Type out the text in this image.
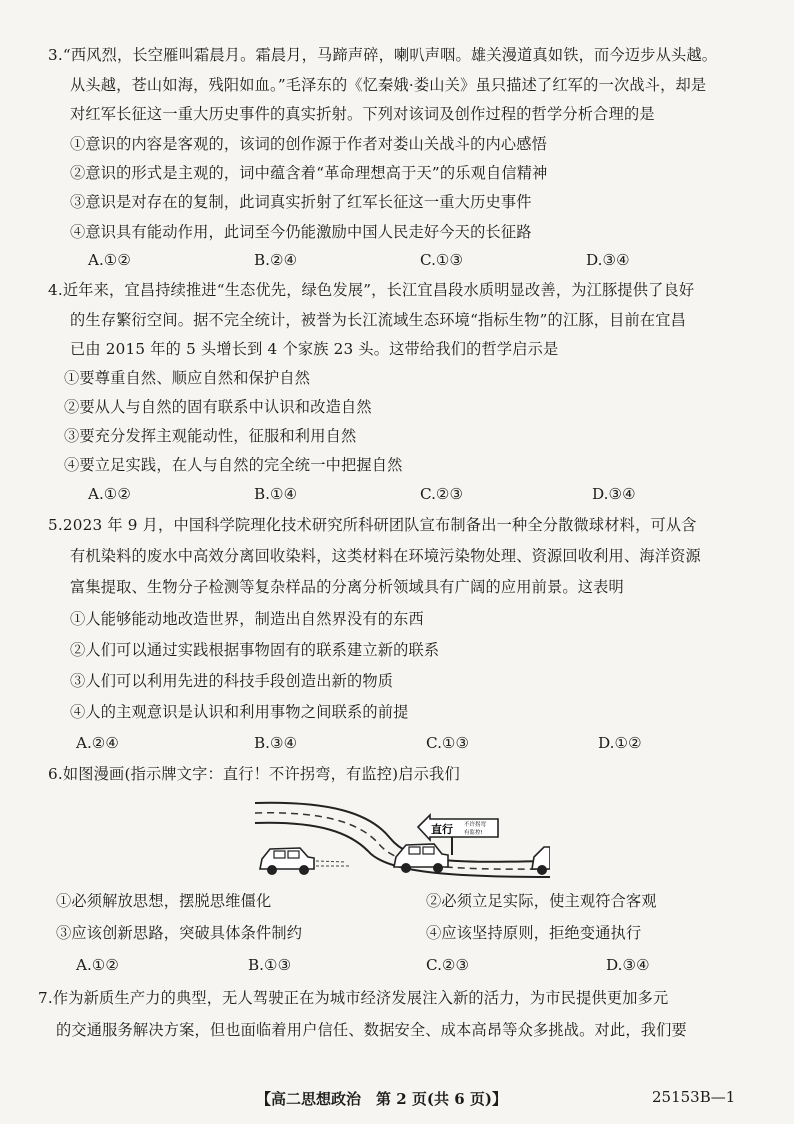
3.“西风烈，长空雁叫霜晨月。霜晨月，马蹄声碎，喇叭声咽。雄关漫道真如铁，而今迈步从头越。
从头越，苍山如海，残阳如血。”毛泽东的《忆秦娥·娄山关》虽只描述了红军的一次战斗，却是
对红军长征这一重大历史事件的真实折射。下列对该词及创作过程的哲学分析合理的是
①意识的内容是客观的，该词的创作源于作者对娄山关战斗的内心感悟
②意识的形式是主观的，词中蕴含着“革命理想高于天”的乐观自信精神
③意识是对存在的复制，此词真实折射了红军长征这一重大历史事件
④意识具有能动作用，此词至今仍能激励中国人民走好今天的长征路
A.①②	B.②④	C.①③	D.③④
4.近年来，宜昌持续推进“生态优先，绿色发展”，长江宜昌段水质明显改善，为江豚提供了良好
的生存繁衍空间。据不完全统计，被誉为长江流域生态环境“指标生物”的江豚，目前在宜昌
已由 2015 年的 5 头增长到 4 个家族 23 头。这带给我们的哲学启示是
①要尊重自然、顺应自然和保护自然
②要从人与自然的固有联系中认识和改造自然
③要充分发挥主观能动性，征服和利用自然
④要立足实践，在人与自然的完全统一中把握自然
A.①②	B.①④	C.②③	D.③④
5.2023 年 9 月，中国科学院理化技术研究所科研团队宣布制备出一种全分散微球材料，可从含
有机染料的废水中高效分离回收染料，这类材料在环境污染物处理、资源回收利用、海洋资源
富集提取、生物分子检测等复杂样品的分离分析领域具有广阔的应用前景。这表明
①人能够能动地改造世界，制造出自然界没有的东西
②人们可以通过实践根据事物固有的联系建立新的联系
③人们可以利用先进的科技手段创造出新的物质
④人的主观意识是认识和利用事物之间联系的前提
A.②④	B.③④	C.①③	D.①②
6.如图漫画(指示牌文字：直行！不许拐弯，有监控)启示我们
直行 不许拐弯
有监控!
①必须解放思想，摆脱思维僵化	②必须立足实际，使主观符合客观
③应该创新思路，突破具体条件制约	④应该坚持原则，拒绝变通执行
A.①②	B.①③	C.②③	D.③④
7.作为新质生产力的典型，无人驾驶正在为城市经济发展注入新的活力，为市民提供更加多元
的交通服务解决方案，但也面临着用户信任、数据安全、成本高昂等众多挑战。对此，我们要
【高二思想政治　第 2 页(共 6 页)】	25153B—1
